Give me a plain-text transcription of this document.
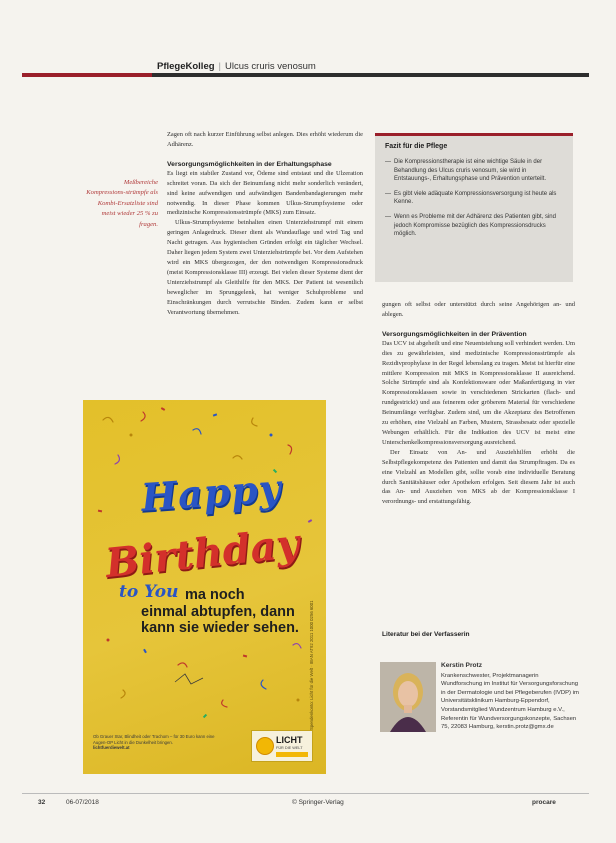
PflegeKolleg | Ulcus cruris venosum
Meßbereiche Kompressions-strümpfe als Kombi-Ersatzliste sind meist wieder 25 % zu fragen.

Zagen oft nach kurzer Einführung selbst anlegen. Dies erhöht wiederum die Adhärenz.

Versorgungsmöglichkeiten in der Erhaltungsphase

Es liegt ein stabiler Zustand vor, Ödeme sind entstaut und die Ulzeration schreitet voran. Da sich der Beinumfang nicht mehr sonderlich verändert, sind keine aufwendigen und aufwändigen Bandenbandagierungen mehr notwendig. In dieser Phase kommen Ulkus-Strumpfsysteme oder medizinische Kompressionsstrümpfe (MKS) zum Einsatz.

Ulkus-Strumpfsysteme beinhalten einen Unterziehstrumpf mit einem geringen Anlagedruck. Dieser dient als Wundauflage und wird Tag und Nacht getragen. Aus hygienischen Gründen erfolgt ein täglicher Wechsel. Daher liegen jedem System zwei Unterziehstrümpfe bei. Vor dem Aufstehen wird ein MKS übergezogen, der den notwendigen Kompressionsdruck (meist Kompressionsklasse III) erzeugt. Bei vielen dieser Systeme dient der Unterziehstrumpf als Gleithilfe für den MKS. Der Patient ist wesentlich beweglicher im Sprunggelenk, hat weniger Schuhprobleme und Einschränkungen durch verrutschte Binden. Zudem kann er selbst Verantwortung übernehmen.

Fazit für die Pflege
— Die Kompressionstherapie ist eine wichtige Säule in der Behandlung des Ulcus cruris venosum, sie wird in Entstauungs-, Erhaltungsphase und Prävention unterteilt.
— Es gibt viele adäquate Kompressionsversorgung ist heute als Kenne.
— Wenn es Probleme mit der Adhärenz des Patienten gibt, sind jedoch Kompromisse bezüglich des Kompressionsdrucks möglich.

gungen oft selbst oder unterstützt durch seine Angehörigen an- und ablegen.

Versorgungsmöglichkeiten in der Prävention

Das UCV ist abgeheilt und eine Neuentstehung soll verhindert werden. Um dies zu gewährleisten, sind medizinische Kompressionsstrümpfe als Rezidivprophylaxe in der Regel lebenslang zu tragen. Meist ist hierfür eine mittlere Kompression mit MKS in Kompressionsklasse II ausreichend. Solche Strümpfe sind als Konfektionsware oder Maßanfertigung in vier Kompressionsklassen sowie in verschiedenen Strickarten (flach- und rundgestrickt) und aus feinerem oder gröberem Material für verschiedene Beinumfänge verfügbar. Zudem sind, um die Akzeptanz des Betroffenen zu erhöhen, eine Vielzahl an Farben, Mustern, Strassbesatz oder spezielle Webungen erhältlich. Für die Indikation des UCV ist meist eine Unterschenkelkompressionsversorgung ausreichend.

Der Einsatz von An- und Ausziehhilfen erhöht die Selbstpflegekompetenz des Patienten und damit das Strumpftragen. Da es eine Vielzahl an Modellen gibt, sollte vorab eine individuelle Beratung durch Sanitätshäuser oder Apotheken erfolgen. Seit diesem Jahr ist auch das An- und Ausziehen von MKS ab der Kompressionsklasse I verordnungs- und erstattungsfähig.

Happy
Birthday
to You ma noch
einmal abtupfen, dann
kann sie wieder sehen.	Spendenkonto: Licht für die Welt · IBAN AT92 2011 1000 0256 6001
Ob Grauer Star, Blindheit oder Trachom – für 30 Euro kann eine Augen-OP Licht in die Dunkelheit bringen.
lichtfuerdiewelt.at
LICHT
FÜR DIE WELT
Literatur bei der Verfasserin
Kerstin Protz
Krankenschwester, Projektmanagerin Wundforschung im Institut für Versorgungsforschung in der Dermatologie und bei Pflegeberufen (IVDP) im Universitätsklinikum Hamburg-Eppendorf, Vorstandsmitglied Wundzentrum Hamburg e.V., Referentin für Wundversorgungskonzepte, Sachsen 75, 22083 Hamburg, kerstin.protz@gmx.de
32	06-07/2018	© Springer-Verlag	procare
